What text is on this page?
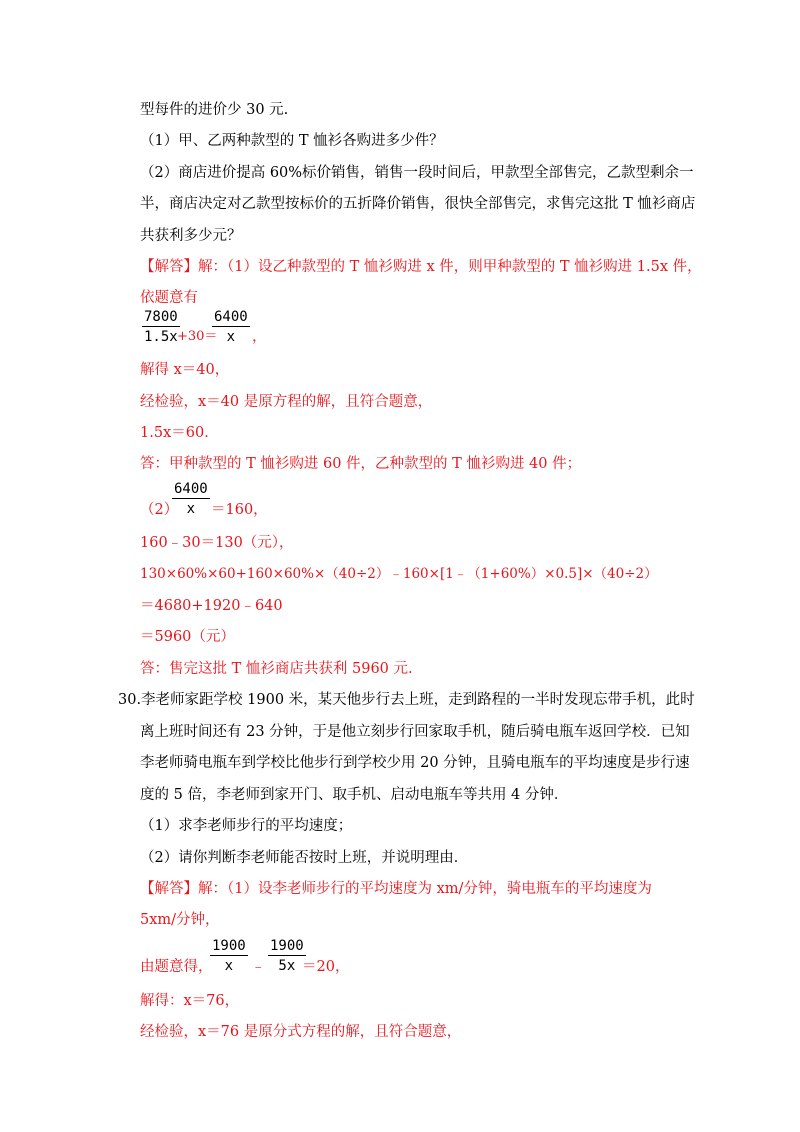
型每件的进价少 30 元.
（1）甲、乙两种款型的 T 恤衫各购进多少件？
（2）商店进价提高 60%标价销售，销售一段时间后，甲款型全部售完，乙款型剩余一
半，商店决定对乙款型按标价的五折降价销售，很快全部售完，求售完这批 T 恤衫商店
共获利多少元？
【解答】解：（1）设乙种款型的 T 恤衫购进 x 件，则甲种款型的 T 恤衫购进 1.5x 件，
依题意有
$\frac{7800}{1.5x}$
+30＝
$\frac{6400}{x}$ ，
解得 x＝40，
经检验，x＝40 是原方程的解，且符合题意，
1.5x＝60．
答：甲种款型的 T 恤衫购进 60 件，乙种款型的 T 恤衫购进 40 件；
（2）
$\frac{6400}{x} =160$，
160﹣30＝130（元），
130×60%×60+160×60%×（40÷2）﹣160×[1﹣（1+60%）×0.5]×（40÷2）
＝4680+1920﹣640
＝5960（元）
答：售完这批 T 恤衫商店共获利 5960 元.
30.李老师家距学校 1900 米，某天他步行去上班，走到路程的一半时发现忘带手机，此时
离上班时间还有 23 分钟，于是他立刻步行回家取手机，随后骑电瓶车返回学校．已知
李老师骑电瓶车到学校比他步行到学校少用 20 分钟，且骑电瓶车的平均速度是步行速
度的 5 倍，李老师到家开门、取手机、启动电瓶车等共用 4 分钟．
（1）求李老师步行的平均速度；
（2）请你判断李老师能否按时上班，并说明理由．
【解答】解：（1）设李老师步行的平均速度为 xm/分钟，骑电瓶车的平均速度为
5xm/分钟，
由题意得，
$\frac{1900}{x}$ ﹣ $\frac{1900}{5x}$
＝20，
解得：x＝76，
经检验，x＝76 是原分式方程的解，且符合题意，
